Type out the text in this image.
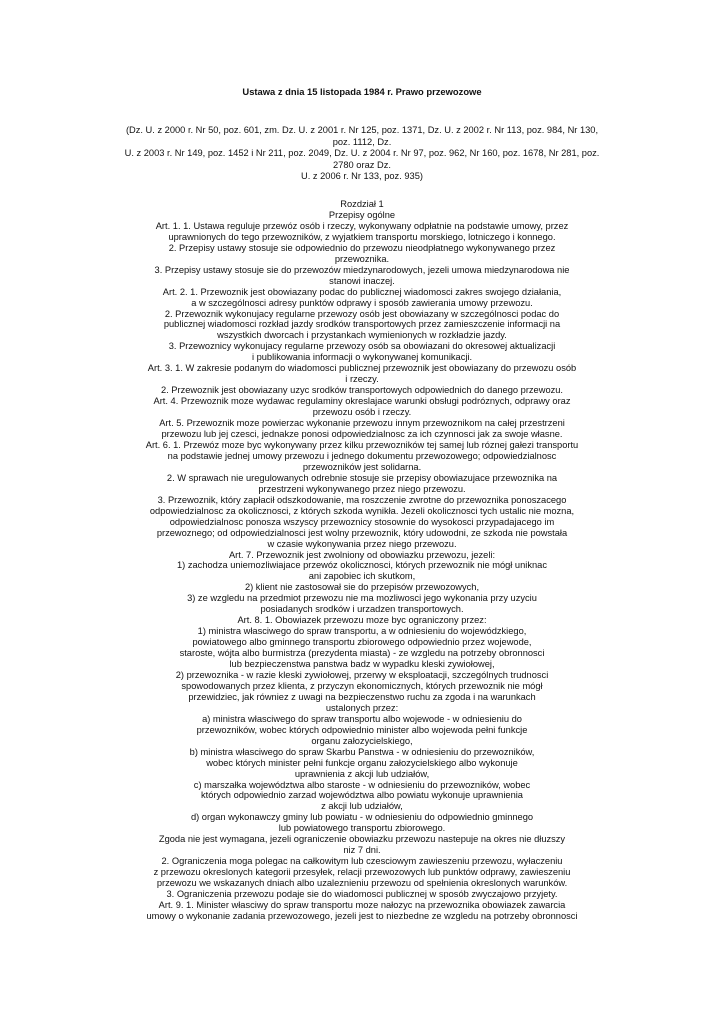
Ustawa z dnia 15 listopada 1984 r. Prawo przewozowe
(Dz. U. z 2000 r. Nr 50, poz. 601, zm. Dz. U. z 2001 r. Nr 125, poz. 1371, Dz. U. z 2002 r. Nr 113, poz. 984, Nr 130,
poz. 1112, Dz.
U. z 2003 r. Nr 149, poz. 1452 i Nr 211, poz. 2049, Dz. U. z 2004 r. Nr 97, poz. 962, Nr 160, poz. 1678, Nr 281, poz.
2780 oraz Dz.
U. z 2006 r. Nr 133, poz. 935)
Rozdział 1
Przepisy ogólne
Art. 1. 1. Ustawa reguluje przewóz osób i rzeczy, wykonywany odpłatnie na podstawie umowy, przez
uprawnionych do tego przewozników, z wyjatkiem transportu morskiego, lotniczego i konnego.
2. Przepisy ustawy stosuje sie odpowiednio do przewozu nieodpłatnego wykonywanego przez
przewoznika.
3. Przepisy ustawy stosuje sie do przewozów miedzynarodowych, jezeli umowa miedzynarodowa nie
stanowi inaczej.
Art. 2. 1. Przewoznik jest obowiazany podac do publicznej wiadomosci zakres swojego działania,
a w szczególnosci adresy punktów odprawy i sposób zawierania umowy przewozu.
2. Przewoznik wykonujacy regularne przewozy osób jest obowiazany w szczególnosci podac do
publicznej wiadomosci rozkład jazdy srodków transportowych przez zamieszczenie informacji na
wszystkich dworcach i przystankach wymienionych w rozkładzie jazdy.
3. Przewoznicy wykonujacy regularne przewozy osób sa obowiazani do okresowej aktualizacji
i publikowania informacji o wykonywanej komunikacji.
Art. 3. 1. W zakresie podanym do wiadomosci publicznej przewoznik jest obowiazany do przewozu osób
i rzeczy.
2. Przewoznik jest obowiazany uzyc srodków transportowych odpowiednich do danego przewozu.
Art. 4. Przewoznik moze wydawac regulaminy okreslajace warunki obsługi podróznych, odprawy oraz
przewozu osób i rzeczy.
Art. 5. Przewoznik moze powierzac wykonanie przewozu innym przewoznikom na całej przestrzeni
przewozu lub jej czesci, jednakze ponosi odpowiedzialnosc za ich czynnosci jak za swoje własne.
Art. 6. 1. Przewóz moze byc wykonywany przez kilku przewozników tej samej lub róznej gałezi transportu
na podstawie jednej umowy przewozu i jednego dokumentu przewozowego; odpowiedzialnosc
przewozników jest solidarna.
2. W sprawach nie uregulowanych odrebnie stosuje sie przepisy obowiazujace przewoznika na
przestrzeni wykonywanego przez niego przewozu.
3. Przewoznik, który zapłacił odszkodowanie, ma roszczenie zwrotne do przewoznika ponoszacego
odpowiedzialnosc za okolicznosci, z których szkoda wynikła. Jezeli okolicznosci tych ustalic nie mozna,
odpowiedzialnosc ponosza wszyscy przewoznicy stosownie do wysokosci przypadajacego im
przewoznego; od odpowiedzialnosci jest wolny przewoznik, który udowodni, ze szkoda nie powstała
w czasie wykonywania przez niego przewozu.
Art. 7. Przewoznik jest zwolniony od obowiazku przewozu, jezeli:
1) zachodza uniemozliwiajace przewóz okolicznosci, których przewoznik nie mógł uniknac
ani zapobiec ich skutkom,
2) klient nie zastosował sie do przepisów przewozowych,
3) ze wzgledu na przedmiot przewozu nie ma mozliwosci jego wykonania przy uzyciu
posiadanych srodków i urzadzen transportowych.
Art. 8. 1. Obowiazek przewozu moze byc ograniczony przez:
1) ministra własciwego do spraw transportu, a w odniesieniu do wojewódzkiego,
powiatowego albo gminnego transportu zbiorowego odpowiednio przez wojewode,
staroste, wójta albo burmistrza (prezydenta miasta) - ze wzgledu na potrzeby obronnosci
lub bezpieczenstwa panstwa badz w wypadku kleski zywiołowej,
2) przewoznika - w razie kleski zywiołowej, przerwy w eksploatacji, szczególnych trudnosci
spowodowanych przez klienta, z przyczyn ekonomicznych, których przewoznik nie mógł
przewidziec, jak równiez z uwagi na bezpieczenstwo ruchu za zgoda i na warunkach
ustalonych przez:
a) ministra własciwego do spraw transportu albo wojewode - w odniesieniu do
przewozników, wobec których odpowiednio minister albo wojewoda pełni funkcje
organu załozycielskiego,
b) ministra własciwego do spraw Skarbu Panstwa - w odniesieniu do przewozników,
wobec których minister pełni funkcje organu załozycielskiego albo wykonuje
uprawnienia z akcji lub udziałów,
c) marszałka województwa albo staroste - w odniesieniu do przewozników, wobec
których odpowiednio zarzad województwa albo powiatu wykonuje uprawnienia
z akcji lub udziałów,
d) organ wykonawczy gminy lub powiatu - w odniesieniu do odpowiednio gminnego
lub powiatowego transportu zbiorowego.
Zgoda nie jest wymagana, jezeli ograniczenie obowiazku przewozu nastepuje na okres nie dłuzszy
niz 7 dni.
2. Ograniczenia moga polegac na całkowitym lub czesciowym zawieszeniu przewozu, wyłaczeniu
z przewozu okreslonych kategorii przesyłek, relacji przewozowych lub punktów odprawy, zawieszeniu
przewozu we wskazanych dniach albo uzaleznieniu przewozu od spełnienia okreslonych warunków.
3. Ograniczenia przewozu podaje sie do wiadomosci publicznej w sposób zwyczajowo przyjety.
Art. 9. 1. Minister własciwy do spraw transportu moze nałozyc na przewoznika obowiazek zawarcia
umowy o wykonanie zadania przewozowego, jezeli jest to niezbedne ze wzgledu na potrzeby obronnosci
